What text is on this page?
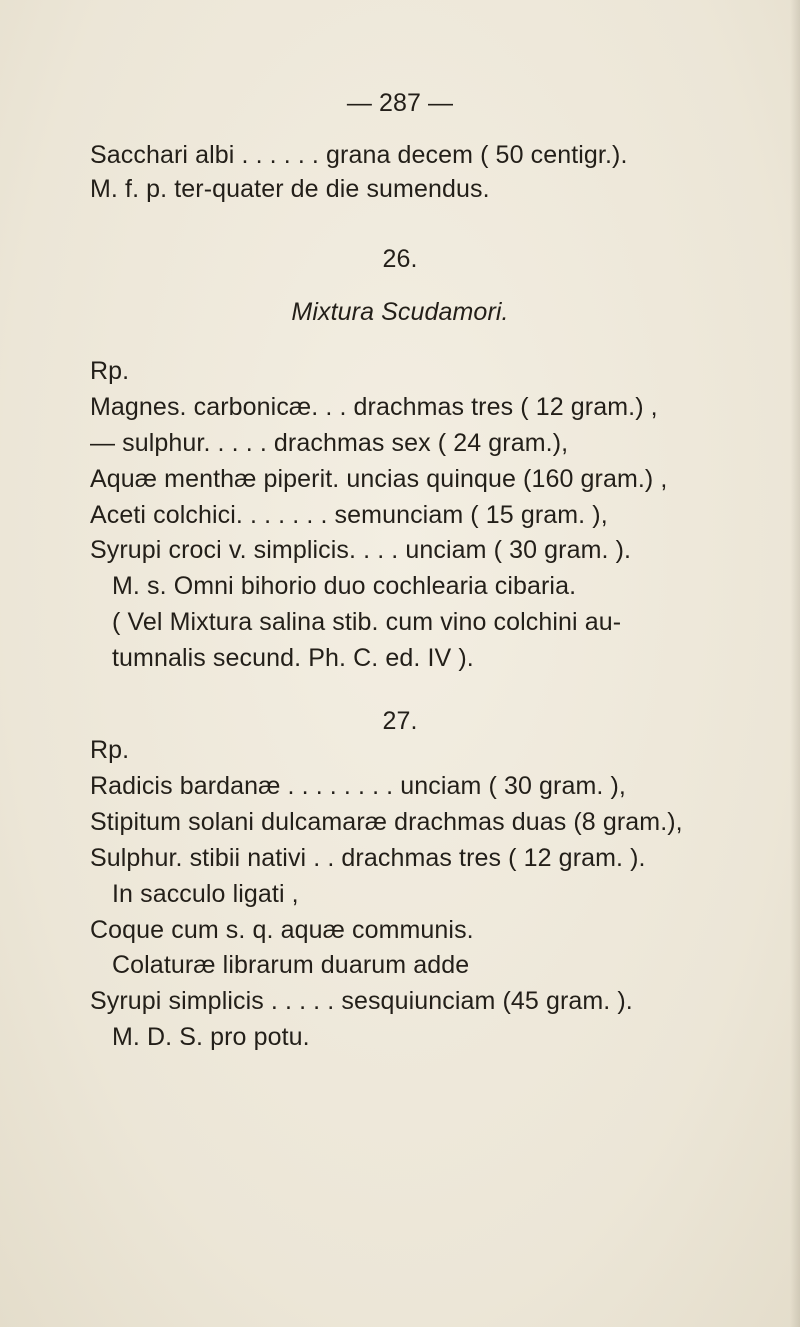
— 287 —
Sacchari albi . . . . . . grana decem ( 50 centigr.).
M. f. p. ter-quater de die sumendus.
26.
Mixtura Scudamori.
Rp.
Magnes. carbonicæ. . . drachmas tres ( 12 gram.) ,
— sulphur. . . . . drachmas sex ( 24 gram.),
Aquæ menthæ piperit. uncias quinque (160 gram.) ,
Aceti colchici. . . . . . . semunciam ( 15 gram. ),
Syrupi croci v. simplicis. . . . unciam ( 30 gram. ).
M. s. Omni bihorio duo cochlearia cibaria.
( Vel Mixtura salina stib. cum vino colchini au-
tumnalis secund. Ph. C. ed. IV ).
27.
Rp.
Radicis bardanæ . . . . . . . . unciam ( 30 gram. ),
Stipitum solani dulcamaræ drachmas duas (8 gram.),
Sulphur. stibii nativi . . drachmas tres ( 12 gram. ).
In sacculo ligati ,
Coque cum s. q. aquæ communis.
Colaturæ librarum duarum adde
Syrupi simplicis . . . . . sesquiunciam (45 gram. ).
M. D. S. pro potu.
